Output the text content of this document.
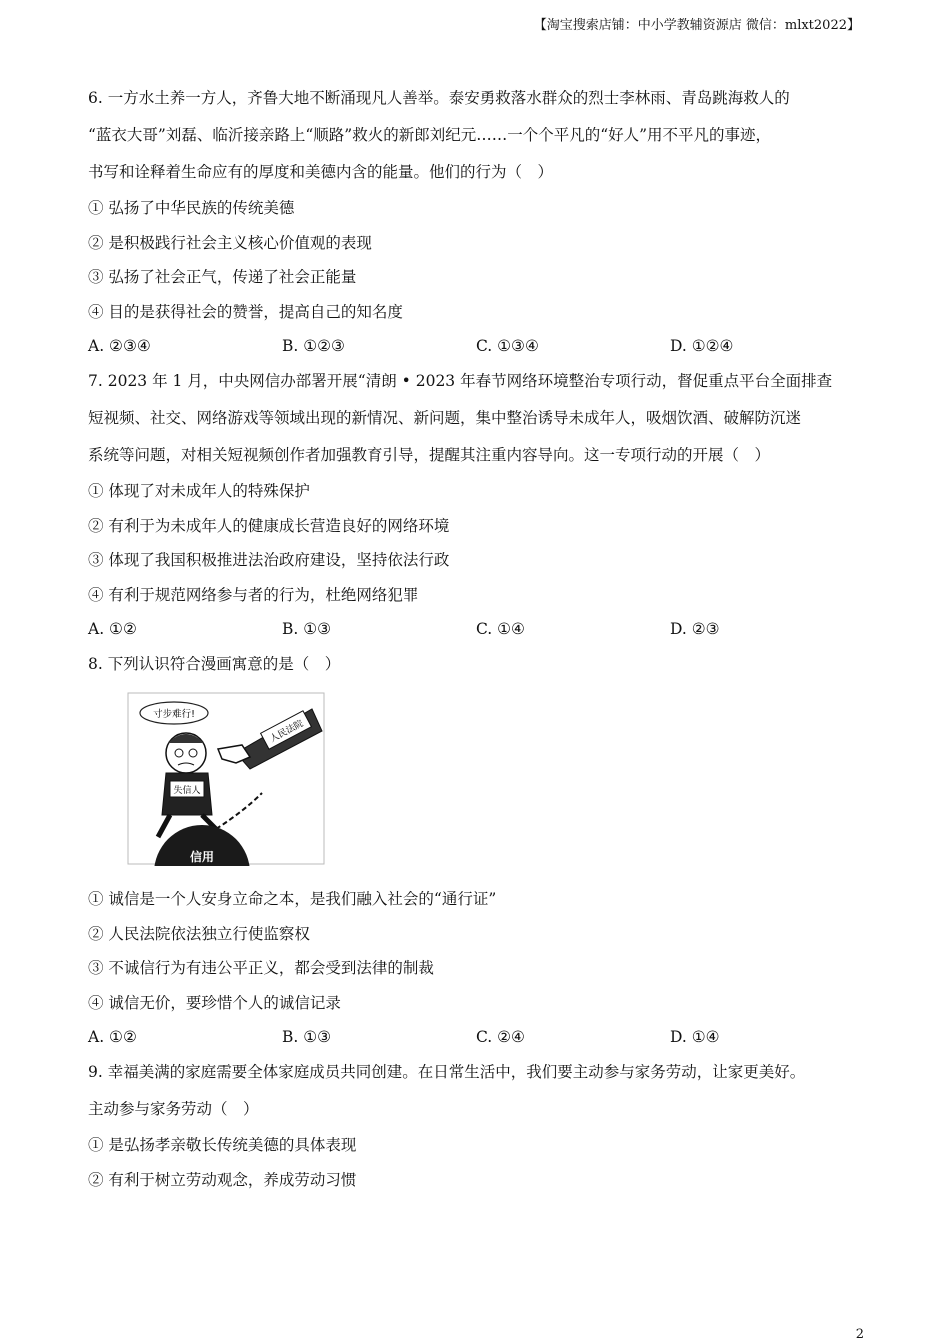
【淘宝搜索店铺：中小学教辅资源店 微信：mlxt2022】

6. 一方水土养一方人，齐鲁大地不断涌现凡人善举。泰安勇救落水群众的烈士李林雨、青岛跳海救人的

“蓝衣大哥”刘磊、临沂接亲路上“顺路”救火的新郎刘纪元……一个个平凡的“好人”用不平凡的事迹，

书写和诠释着生命应有的厚度和美德内含的能量。他们的行为（　）

① 弘扬了中华民族的传统美德

② 是积极践行社会主义核心价值观的表现

③ 弘扬了社会正气，传递了社会正能量

④ 目的是获得社会的赞誉，提高自己的知名度

A. ②③④	B. ①②③	C. ①③④	D. ①②④

7. 2023 年 1 月，中央网信办部署开展“清朗 • 2023 年春节网络环境整治专项行动，督促重点平台全面排查

短视频、社交、网络游戏等领域出现的新情况、新问题，集中整治诱导未成年人，吸烟饮酒、破解防沉迷

系统等问题，对相关短视频创作者加强教育引导，提醒其注重内容导向。这一专项行动的开展（　）

① 体现了对未成年人的特殊保护

② 有利于为未成年人的健康成长营造良好的网络环境

③ 体现了我国积极推进法治政府建设，坚持依法行政

④ 有利于规范网络参与者的行为，杜绝网络犯罪

A. ①②	B. ①③	C. ①④	D. ②③

8. 下列认识符合漫画寓意的是（　）

寸步难行!
人民法院
失信人
信用

① 诚信是一个人安身立命之本，是我们融入社会的“通行证”

② 人民法院依法独立行使监察权

③ 不诚信行为有违公平正义，都会受到法律的制裁

④ 诚信无价，要珍惜个人的诚信记录

A. ①②	B. ①③	C. ②④	D. ①④

9. 幸福美满的家庭需要全体家庭成员共同创建。在日常生活中，我们要主动参与家务劳动，让家更美好。

主动参与家务劳动（　）

① 是弘扬孝亲敬长传统美德的具体表现

② 有利于树立劳动观念，养成劳动习惯

2
